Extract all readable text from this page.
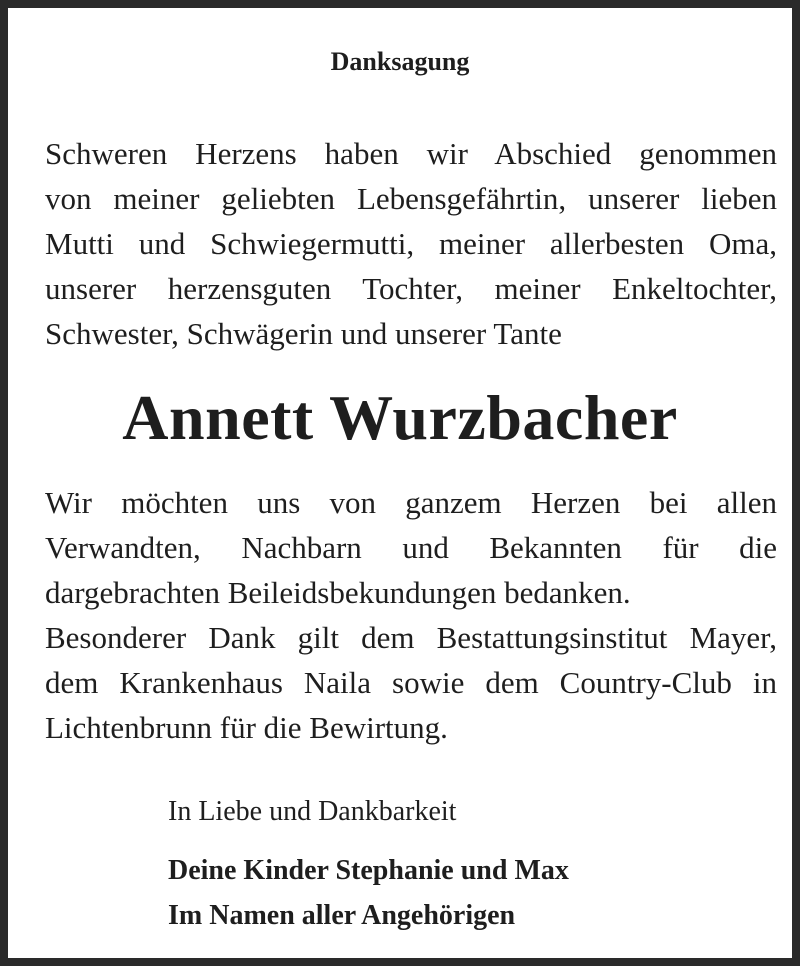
Danksagung

Schweren Herzens haben wir Abschied genommen
von meiner geliebten Lebensgefährtin, unserer lieben
Mutti und Schwiegermutti, meiner allerbesten Oma,
unserer herzensguten Tochter, meiner Enkeltochter,
Schwester, Schwägerin und unserer Tante

Annett Wurzbacher

Wir möchten uns von ganzem Herzen bei allen
Verwandten, Nachbarn und Bekannten für die
dargebrachten Beileidsbekundungen bedanken.
Besonderer Dank gilt dem Bestattungsinstitut Mayer,
dem Krankenhaus Naila sowie dem Country-Club in
Lichtenbrunn für die Bewirtung.

In Liebe und Dankbarkeit

Deine Kinder Stephanie und Max
Im Namen aller Angehörigen
